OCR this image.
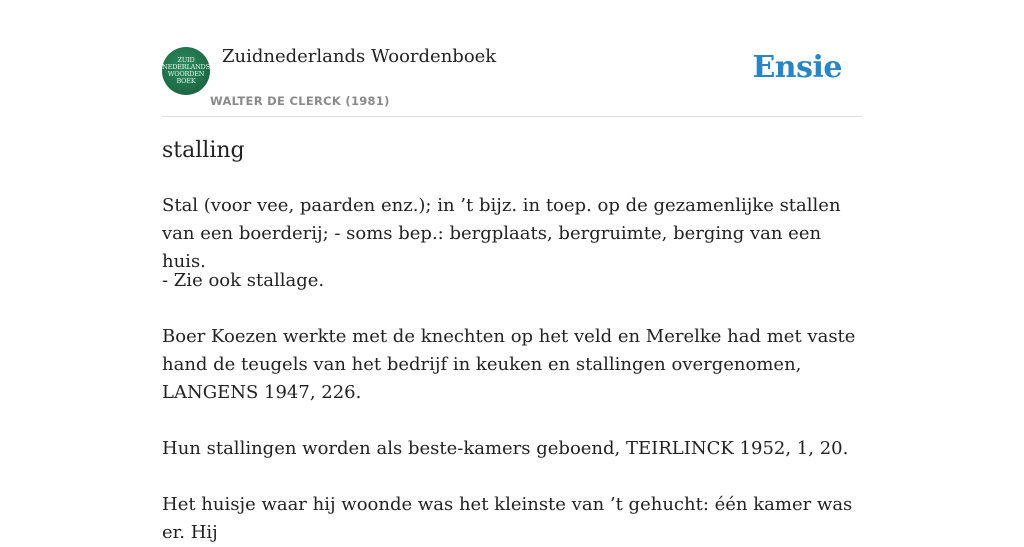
ZUID
NEDERLANDS
WOORDEN
BOEK
Zuidnederlands Woordenboek
WALTER DE CLERCK (1981)
Ensie
stalling

Stal (voor vee, paarden enz.); in ’t bijz. in toep. op de gezamenlijke stallen van een boerderij; - soms bep.: bergplaats, bergruimte, berging van een huis.

- Zie ook stallage.

Boer Koezen werkte met de knechten op het veld en Merelke had met vaste hand de teugels van het bedrijf in keuken en stallingen overgenomen, LANGENS 1947, 226.

Hun stallingen worden als beste-kamers geboend, TEIRLINCK 1952, 1, 20.

Het huisje waar hij woonde was het kleinste van ’t gehucht: één kamer was er. Hij
